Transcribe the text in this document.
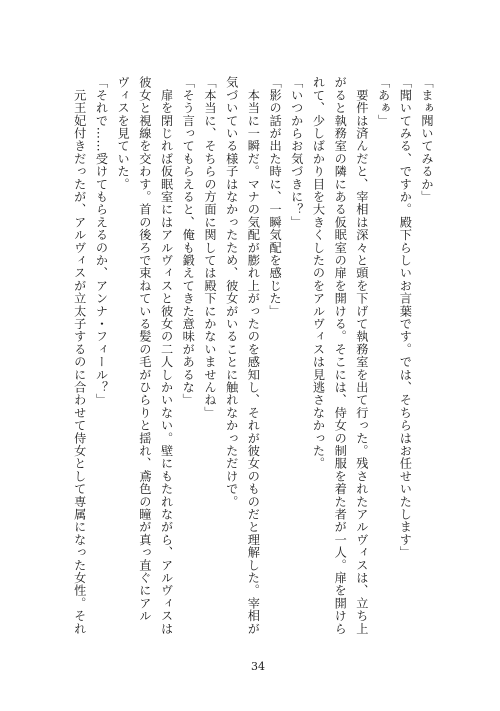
「まぁ聞いてみるか」
「聞いてみる、ですか。殿下らしいお言葉です。では、そちらはお任せいたします」
「あぁ」
　要件は済んだと、宰相は深々と頭を下げて執務室を出て行った。残されたアルヴィスは、立ち上
がると執務室の隣にある仮眠室の扉を開ける。そこには、侍女の制服を着た者が一人。扉を開けら
れて、少しばかり目を大きくしたのをアルヴィスは見逃さなかった。
「いつからお気づきに？」
「影の話が出た時に、一瞬気配を感じた」
　本当に一瞬だ。マナの気配が膨れ上がったのを感知し、それが彼女のものだと理解した。宰相が
気づいている様子はなかったため、彼女がいることに触れなかっただけで。
「本当に、そちらの方面に関しては殿下にかないませんね」
「そう言ってもらえると、俺も鍛えてきた意味があるな」
　扉を閉じれば仮眠室にはアルヴィスと彼女の二人しかいない。壁にもたれながら、アルヴィスは
彼女と視線を交わす。首の後ろで束ねている髪の毛がひらりと揺れ、鳶色の瞳が真っ直ぐにアル
ヴィスを見ていた。
「それで……受けてもらえるのか、アンナ・フィール？」
　元王妃付きだったが、アルヴィスが立太子するのに合わせて侍女として専属になった女性。それ
34
